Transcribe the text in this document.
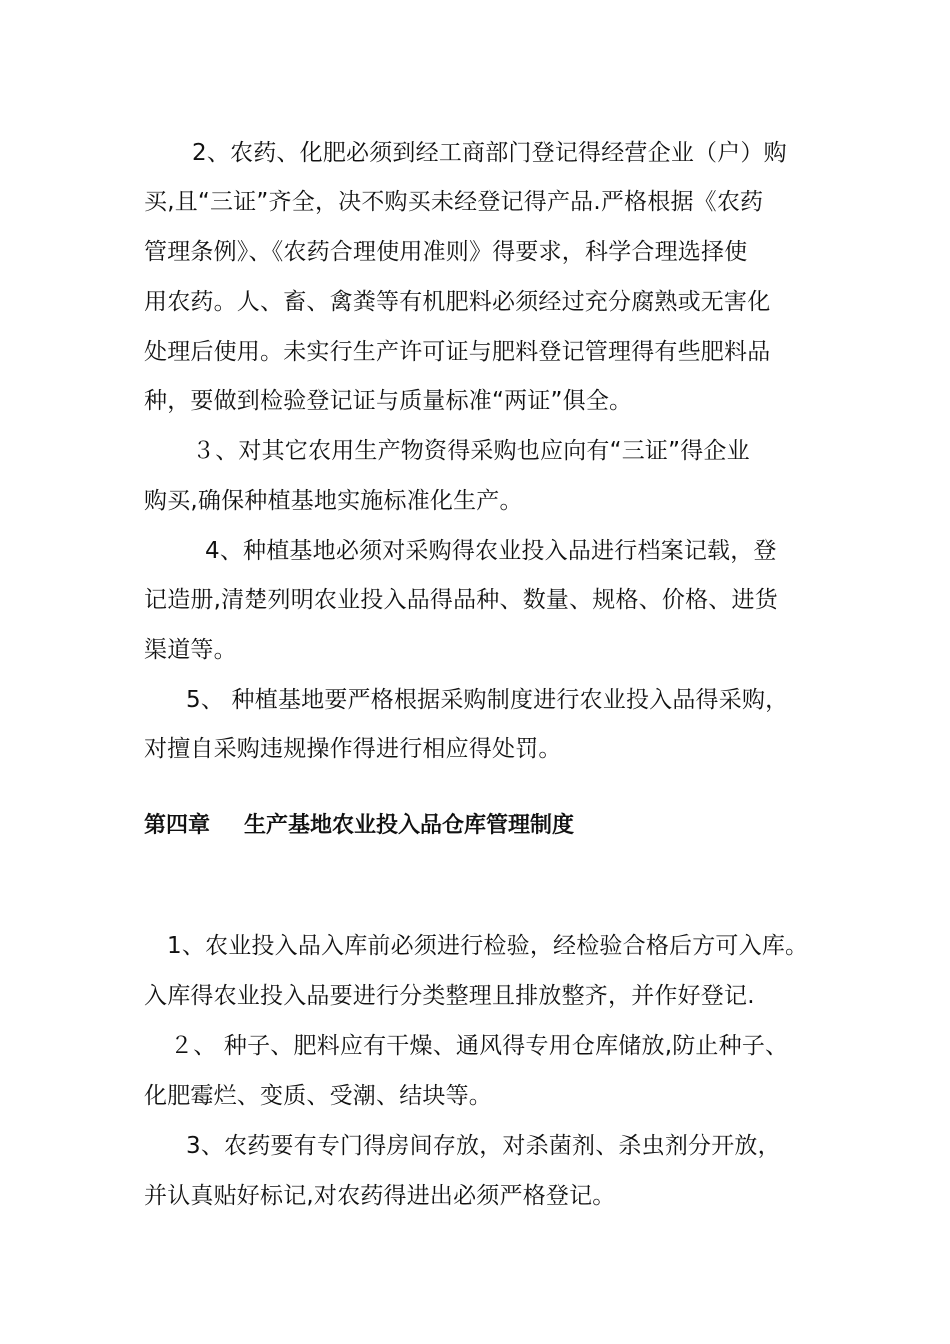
2、农药、化肥必须到经工商部门登记得经营企业（户）购
买,且“三证”齐全，决不购买未经登记得产品.严格根据《农药
管理条例》、《农药合理使用准则》得要求，科学合理选择使
用农药。人、畜、禽粪等有机肥料必须经过充分腐熟或无害化
处理后使用。未实行生产许可证与肥料登记管理得有些肥料品
种，要做到检验登记证与质量标准“两证”俱全。
３、对其它农用生产物资得采购也应向有“三证”得企业
购买,确保种植基地实施标准化生产。
4、种植基地必须对采购得农业投入品进行档案记载，登
记造册,清楚列明农业投入品得品种、数量、规格、价格、进货
渠道等。
5、 种植基地要严格根据采购制度进行农业投入品得采购，
对擅自采购违规操作得进行相应得处罚。
第四章 生产基地农业投入品仓库管理制度
1、农业投入品入库前必须进行检验，经检验合格后方可入库。
入库得农业投入品要进行分类整理且排放整齐，并作好登记.
２、 种子、肥料应有干燥、通风得专用仓库储放,防止种子、
化肥霉烂、变质、受潮、结块等。
3、农药要有专门得房间存放，对杀菌剂、杀虫剂分开放，
并认真贴好标记,对农药得进出必须严格登记。
